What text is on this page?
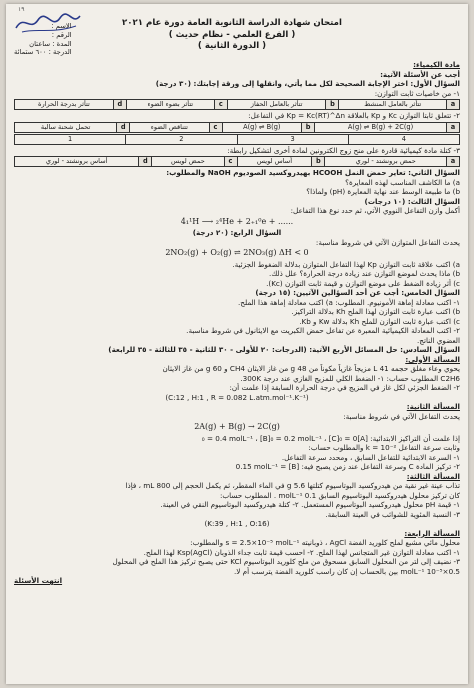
١٩
امتحان شهادة الدراسة الثانوية العامة دورة عام ٢٠٢١
( الفرع العلمي - نظام حديث )
( الدورة الثانية )
الاسم :
الرقم :
المدة : ساعتان
الدرجة : ٦٠٠ ستمائة

مادة الكيمياء:

أجب عن الأسئلة الآتية:

السؤال الأول: اختر الإجابة الصحيحة لكل مما يأتي، وانقلها إلى ورقة إجابتك: (٣٠ درجة)

١- من خاصيات ثابت التوازن:

a	تتأثر بالعامل المنشط	b	تتأثر بالعامل الحفاز	c	تتأثر بضوء الضوء	d	تتأثر بدرجة الحرارة

٢- تتعلق ثابتا التوازن Kc و Kp بالعلاقة Kp = Kc(RT)^Δn في التفاعل:

a	A(g) ⇌ B(g) + 2C(g)	b	A(g) ⇌ B(g)	c	تتناقص الضوء	d	تحمل شحنة سالبة
4	3	2	1

٣- كتلة مادة كيميائية قادرة على منح زوج الكترونين لمادة أخرى لتشكيل رابطة:

a	حمض برونشتد - لوري	b	أساس لويس	c	حمض لويس	d	أساس برونشتد - لوري

السؤال الثاني: تعاير حمض النمل HCOOH بهيدروكسيد الصوديوم NaOH والمطلوب:

a) ما الكاشف المناسب لهذه المعايرة؟

b) ما طبيعة الوسط عند نهاية المعايرة (pH) ولماذا؟

السؤال الثالث: (١٠ درجات)

أكمل وازن التفاعل النووي الآتي، ثم حدد نوع هذا التفاعل:

4₁¹H ⟶ ₂⁴He + 2₊₁⁰e + ......

السؤال الرابع: (٢٠ درجة)

يحدث التفاعل المتوازن الآتي في شروط مناسبة:

2NO₂(g) + O₂(g) ⇌ 2NO₃(g) ΔH < 0

a) اكتب علاقة ثابت التوازن Kp لهذا التفاعل المتوازن بدلالة الضغوط الجزئية.

b) ماذا يحدث لموضع التوازن عند زيادة درجة الحرارة؟ علل ذلك.

c) أثر زيادة الضغط على موضع التوازن و قيمة ثابت التوازن (Kc).

السؤال الخامس: أجب عن أحد السؤالين الآتيين: (١٥ درجة)

١- اكتب معادلة إماهة الأمونيوم. المطلوب: a) اكتب معادلة إماهة هذا الملح.

b) اكتب عبارة ثابت التوازن لهذا الملح Kh بدلالة التراكيز.

c) اكتب عبارة ثابت التوازن للملح Kh بدلالة Kw و Kb.

٢- اكتب المعادلة الكيميائية المعبرة عن تفاعل حمض الكبريت مع الايثانول في شروط مناسبة.

العضوي الناتج.

السؤال السادس: حل المسائل الأربع الآتية: (الدرجات: ٢٠ للأولى - ٣٠ للثانية - ٣٥ للثالثة - ٣٥ للرابعة)

المسألة الأولى:

يحوي وعاء مغلق حجمه 41 L مزيجاً غازياً مكوناً من 48 g من غاز الايثان CH4 و 60 g من غاز الايثان

C2H6 المطلوب حساب: ١- الضغط الكلي للمزيج الغازي عند درجة 300K.

٢- الضغط الجزئي لكل غاز في المزيج في درجة الحرارة السابقة إذا علمت أن:

(C:12 , H:1 , R = 0.082 L.atm.mol⁻¹.K⁻¹)

المسألة الثانية:

يحدث التفاعل الآتي في شروط مناسبة:

2A(g) + B(g) → 2C(g)

إذا علمت أن التراكيز الابتدائية: [A]₀ = 0.4 molL⁻¹ ، [B]₀ = 0.2 molL⁻¹ ، [C]₀ = 0

وثابت سرعة التفاعل k = 10⁻² والمطلوب حساب:

١- السرعة الابتدائية للتفاعل السابق ، ومحدد سرعة التفاعل.

٢- تركيز المادة C وسرعة التفاعل عند زمن يصبح فيه: [B] = 0.15 molL⁻¹

المسألة الثالثة:

تذاب عينة غير نقية من هيدروكسيد البوتاسيوم كتلتها 5.6 g في الماء المقطر، ثم يكمل الحجم إلى 800 mL ، فإذا

كان تركيز محلول هيدروكسيد البوتاسيوم السابق 0.1 molL⁻¹ . المطلوب حساب:

١- قيمة pH محلول هيدروكسيد البوتاسيوم المستعمل. ٢- كتلة هيدروكسيد البوتاسيوم النقي في العينة.

٣- النسبة المئوية للشوائب في العينة السابقة.

(K:39 , H:1 , O:16)

المسألة الرابعة:

محلول مائي مشبع لملح كلوريد الفضة AgCl ، ذوبانيته s = 2.5×10⁻⁵ molL⁻¹ والمطلوب:

١- اكتب معادلة التوازن غير المتجانس لهذا الملح. ٢- احسب قيمة ثابت جداء الذوبان Ksp(AgCl) لهذا الملح.

٣- نضيف إلى لتر من المحلول السابق مسحوق من ملح كلوريد البوتاسيوم KCl حتى يصبح تركيز هذا الملح في المحلول

0.5×10⁻⁵ molL⁻¹ بين بالحساب إن كان راسب كلوريد الفضة يترسب أم لا.

انتهت الأسئلة
